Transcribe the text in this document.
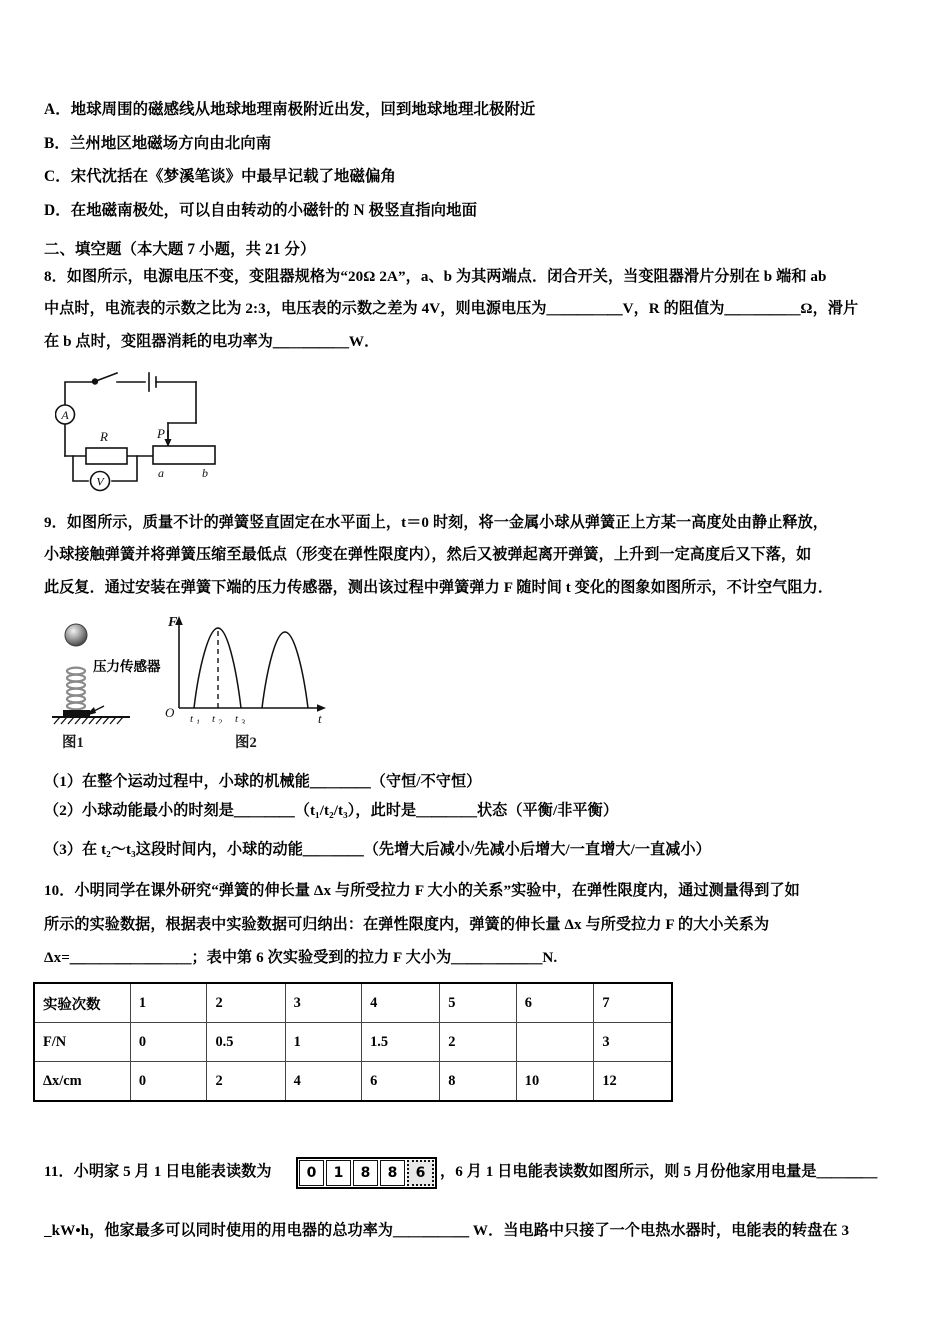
A．地球周围的磁感线从地球地理南极附近出发，回到地球地理北极附近
B．兰州地区地磁场方向由北向南
C．宋代沈括在《梦溪笔谈》中最早记载了地磁偏角
D．在地磁南极处，可以自由转动的小磁针的 N 极竖直指向地面
二、填空题（本大题 7 小题，共 21 分）
8．如图所示，电源电压不变，变阻器规格为“20Ω 2A”，a、b 为其两端点．闭合开关，当变阻器滑片分别在 b 端和 ab
中点时，电流表的示数之比为 2:3，电压表的示数之差为 4V，则电源电压为＿＿＿＿＿V，R 的阻值为＿＿＿＿＿Ω，滑片
在 b 点时，变阻器消耗的电功率为＿＿＿＿＿W．
A
V
R	P
a	b
9．如图所示，质量不计的弹簧竖直固定在水平面上，t＝0 时刻，将一金属小球从弹簧正上方某一高度处由静止释放，
小球接触弹簧并将弹簧压缩至最低点（形变在弹性限度内），然后又被弹起离开弹簧，上升到一定高度后又下落，如
此反复．通过安装在弹簧下端的压力传感器，测出该过程中弹簧弹力 F 随时间 t 变化的图象如图所示，不计空气阻力．
压力传感器
图1
F
t
O t 1 t 2 t 3
图2
（1）在整个运动过程中，小球的机械能＿＿＿＿（守恒/不守恒）
（2）小球动能最小的时刻是＿＿＿＿（t₁/t₂/t₃），此时是＿＿＿＿状态（平衡/非平衡）
（3）在 t₂～t₃这段时间内，小球的动能＿＿＿＿（先增大后减小/先减小后增大/一直增大/一直减小）
10．小明同学在课外研究“弹簧的伸长量 Δx 与所受拉力 F 大小的关系”实验中，在弹性限度内，通过测量得到了如
所示的实验数据，根据表中实验数据可归纳出：在弹性限度内，弹簧的伸长量 Δx 与所受拉力 F 的大小关系为
Δx=＿＿＿＿＿＿＿＿；表中第 6 次实验受到的拉力 F 大小为＿＿＿＿＿＿N.
实验次数	1	2	3	4	5	6	7
F/N	0	0.5	1	1.5	2		3
Δx/cm	0	2	4	6	8	10	12
11．小明家 5 月 1 日电能表读数为	0	1	8	8	6 ，6 月 1 日电能表读数如图所示，则 5 月份他家用电量是＿＿＿＿
_kW•h，他家最多可以同时使用的用电器的总功率为＿＿＿＿＿ W．当电路中只接了一个电热水器时，电能表的转盘在 3
